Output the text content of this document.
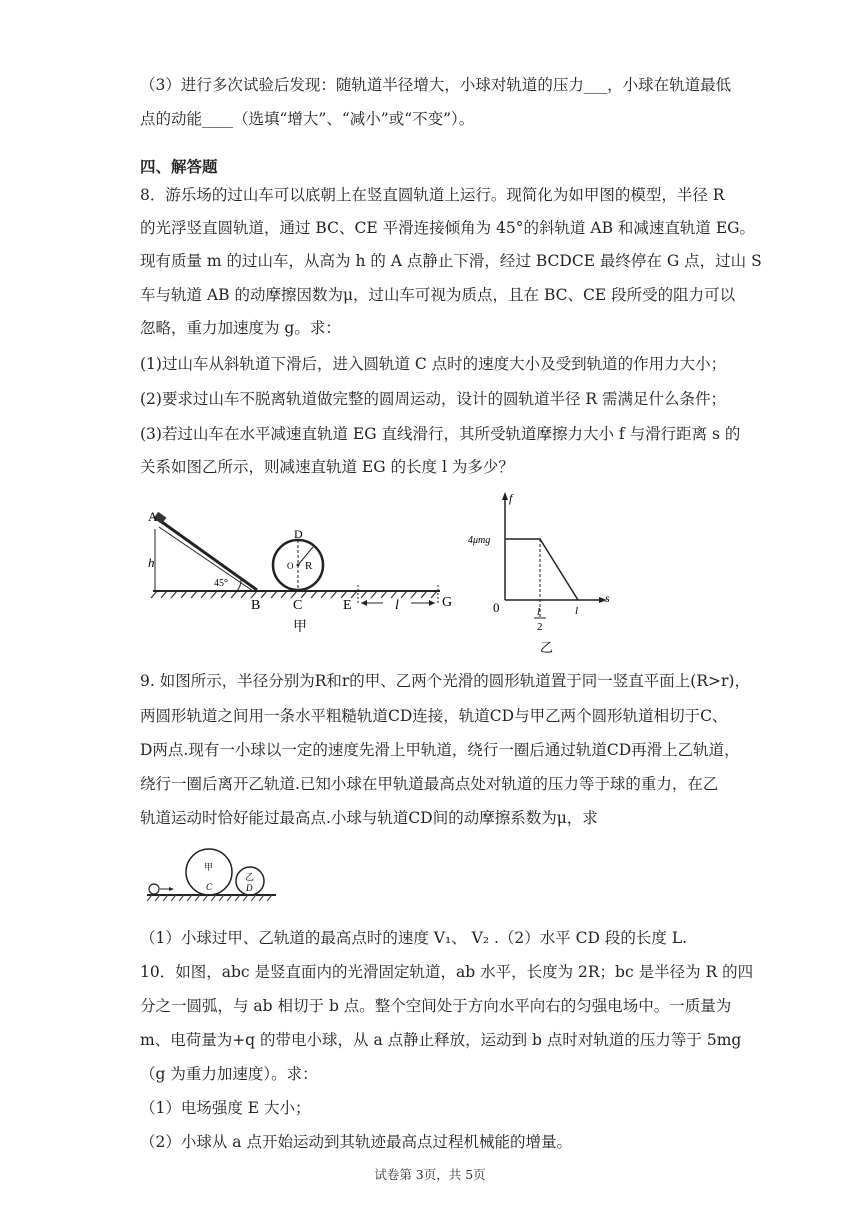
（3）进行多次试验后发现：随轨道半径增大，小球对轨道的压力___，小球在轨道最低
点的动能____（选填“增大”、“减小”或“不变”）。
四、解答题
8．游乐场的过山车可以底朝上在竖直圆轨道上运行。现简化为如甲图的模型，半径 R
的光浮竖直圆轨道，通过 BC、CE 平滑连接倾角为 45°的斜轨道 AB 和减速直轨道 EG。
现有质量 m 的过山车，从高为 h 的 A 点静止下滑，经过 BCDCE 最终停在 G 点，过山 S
车与轨道 AB 的动摩擦因数为μ，过山车可视为质点，且在 BC、CE 段所受的阻力可以
忽略，重力加速度为 g。求：
(1)过山车从斜轨道下滑后，进入圆轨道 C 点时的速度大小及受到轨道的作用力大小；
(2)要求过山车不脱离轨道做完整的圆周运动，设计的圆轨道半径 R 需满足什么条件；
(3)若过山车在水平减速直轨道 EG 直线滑行，其所受轨道摩擦力大小 f 与滑行距离 s 的
关系如图乙所示，则减速直轨道 EG 的长度 l 为多少？
A
h
45°
B C
D
O R
E	l	G
甲
f
s
4μmg
0	l
2
l
乙
9. 如图所示，半径分别为R和r的甲、乙两个光滑的圆形轨道置于同一竖直平面上(R>r)，
两圆形轨道之间用一条水平粗糙轨道CD连接，轨道CD与甲乙两个圆形轨道相切于C、
D两点.现有一小球以一定的速度先滑上甲轨道，绕行一圈后通过轨道CD再滑上乙轨道，
绕行一圈后离开乙轨道.已知小球在甲轨道最高点处对轨道的压力等于球的重力，在乙
轨道运动时恰好能过最高点.小球与轨道CD间的动摩擦系数为μ，求
甲
C
乙
D
（1）小球过甲、乙轨道的最高点时的速度 V₁、 V₂ .（2）水平 CD 段的长度 L.
10．如图，abc 是竖直面内的光滑固定轨道，ab 水平，长度为 2R；bc 是半径为 R 的四
分之一圆弧，与 ab 相切于 b 点。整个空间处于方向水平向右的匀强电场中。一质量为
m、电荷量为+q 的带电小球，从 a 点静止释放，运动到 b 点时对轨道的压力等于 5mg
（g 为重力加速度）。求：
（1）电场强度 E 大小；
（2）小球从 a 点开始运动到其轨迹最高点过程机械能的增量。
试卷第 3页，共 5页
